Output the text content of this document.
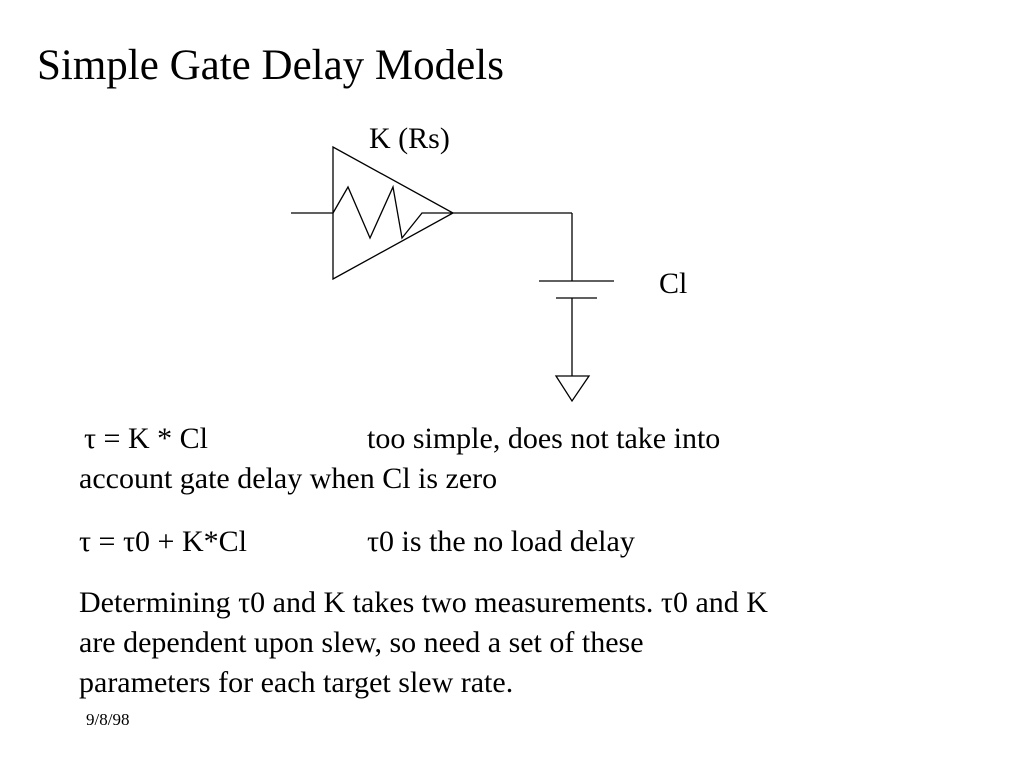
Simple Gate Delay Models
K (Rs)
Cl
τ = K * Cl	too simple, does not take into
account gate delay when Cl is zero
τ = τ0 + K*Cl	τ0 is the no load delay
Determining τ0 and K takes two measurements. τ0 and K
are dependent upon slew, so need a set of these
parameters for each target slew rate.
9/8/98
